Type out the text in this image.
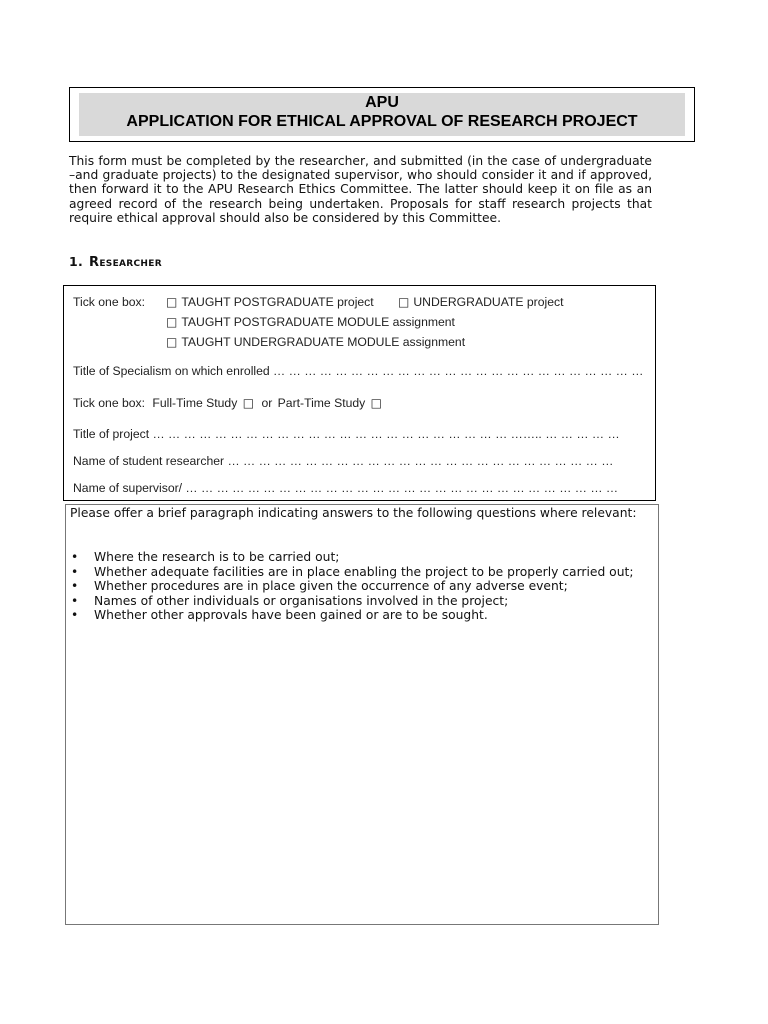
APU
APPLICATION FOR ETHICAL APPROVAL OF RESEARCH PROJECT
This form must be completed by the researcher, and submitted (in the case of undergraduate –and graduate projects) to the designated supervisor, who should consider it and if approved, then forward it to the APU Research Ethics Committee. The latter should keep it on file as an agreed record of the research being undertaken. Proposals for staff research projects that require ethical approval should also be considered by this Committee.
1. Researcher
Tick one box: □ TAUGHT POSTGRADUATE project □ UNDERGRADUATE project
□ TAUGHT POSTGRADUATE MODULE assignment
□ TAUGHT UNDERGRADUATE MODULE assignment
Title of Specialism on which enrolled … … … … … … … … … … … … … … … … … … … … … … … …
Tick one box: Full-Time Study □ or Part-Time Study □
Title of project … … … … … … … … … … … … … … … … … … … … … … … …….. … … … … …
Name of student researcher … … … … … … … … … … … … … … … … … … … … … … … … …
Name of supervisor/ … … … … … … … … … … … … … … … … … … … … … … … … … … … …
Please offer a brief paragraph indicating answers to the following questions where relevant:
• Where the research is to be carried out;
• Whether adequate facilities are in place enabling the project to be properly carried out;
• Whether procedures are in place given the occurrence of any adverse event;
• Names of other individuals or organisations involved in the project;
• Whether other approvals have been gained or are to be sought.
